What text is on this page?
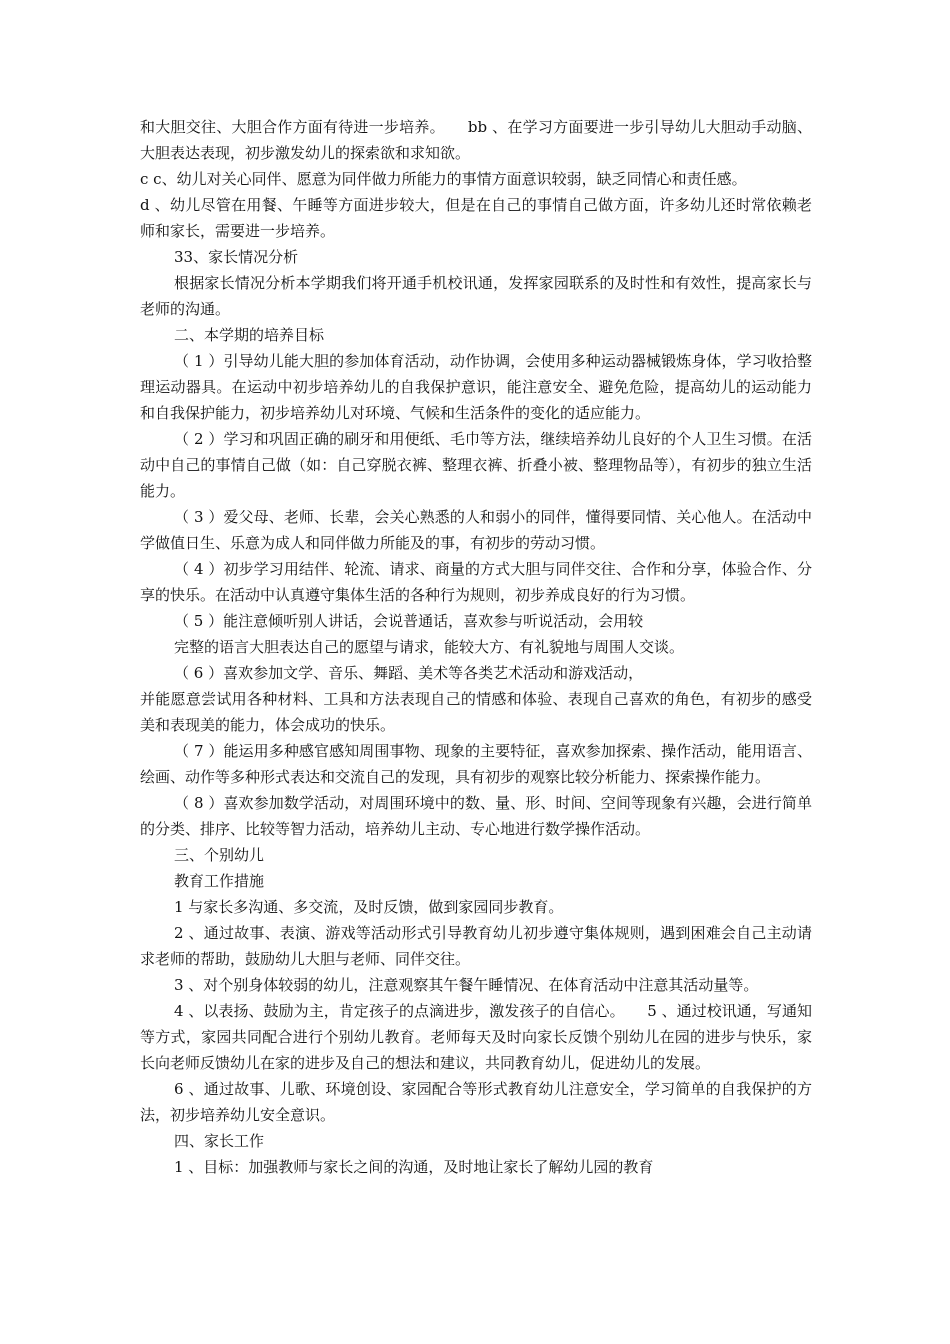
和大胆交往、大胆合作方面有待进一步培养。　　bb 、在学习方面要进一步引导幼儿大胆动手动脑、大胆表达表现，初步激发幼儿的探索欲和求知欲。

c c、幼儿对关心同伴、愿意为同伴做力所能力的事情方面意识较弱，缺乏同情心和责任感。

d 、幼儿尽管在用餐、午睡等方面进步较大，但是在自己的事情自己做方面，许多幼儿还时常依赖老师和家长，需要进一步培养。

33、家长情况分析

根据家长情况分析本学期我们将开通手机校讯通，发挥家园联系的及时性和有效性，提高家长与老师的沟通。

二、本学期的培养目标

（ 1 ）引导幼儿能大胆的参加体育活动，动作协调，会使用多种运动器械锻炼身体，学习收拾整理运动器具。在运动中初步培养幼儿的自我保护意识，能注意安全、避免危险，提高幼儿的运动能力和自我保护能力，初步培养幼儿对环境、气候和生活条件的变化的适应能力。

（ 2 ）学习和巩固正确的刷牙和用便纸、毛巾等方法，继续培养幼儿良好的个人卫生习惯。在活动中自己的事情自己做（如：自己穿脱衣裤、整理衣裤、折叠小被、整理物品等），有初步的独立生活能力。

（ 3 ）爱父母、老师、长辈，会关心熟悉的人和弱小的同伴，懂得要同情、关心他人。在活动中学做值日生、乐意为成人和同伴做力所能及的事，有初步的劳动习惯。

（ 4 ）初步学习用结伴、轮流、请求、商量的方式大胆与同伴交往、合作和分享，体验合作、分享的快乐。在活动中认真遵守集体生活的各种行为规则，初步养成良好的行为习惯。

（ 5 ）能注意倾听别人讲话，会说普通话，喜欢参与听说活动，会用较

完整的语言大胆表达自己的愿望与请求，能较大方、有礼貌地与周围人交谈。

（ 6 ）喜欢参加文学、音乐、舞蹈、美术等各类艺术活动和游戏活动，

并能愿意尝试用各种材料、工具和方法表现自己的情感和体验、表现自己喜欢的角色，有初步的感受美和表现美的能力，体会成功的快乐。

（ 7 ）能运用多种感官感知周围事物、现象的主要特征，喜欢参加探索、操作活动，能用语言、绘画、动作等多种形式表达和交流自己的发现，具有初步的观察比较分析能力、探索操作能力。

（ 8 ）喜欢参加数学活动，对周围环境中的数、量、形、时间、空间等现象有兴趣，会进行简单的分类、排序、比较等智力活动，培养幼儿主动、专心地进行数学操作活动。

三、个别幼儿

教育工作措施

1 与家长多沟通、多交流，及时反馈，做到家园同步教育。

2 、通过故事、表演、游戏等活动形式引导教育幼儿初步遵守集体规则，遇到困难会自己主动请求老师的帮助，鼓励幼儿大胆与老师、同伴交往。

3 、对个别身体较弱的幼儿，注意观察其午餐午睡情况、在体育活动中注意其活动量等。

4 、以表扬、鼓励为主，肯定孩子的点滴进步，激发孩子的自信心。　　5 、通过校讯通，写通知等方式，家园共同配合进行个别幼儿教育。老师每天及时向家长反馈个别幼儿在园的进步与快乐，家长向老师反馈幼儿在家的进步及自己的想法和建议，共同教育幼儿，促进幼儿的发展。

6 、通过故事、儿歌、环境创设、家园配合等形式教育幼儿注意安全，学习简单的自我保护的方法，初步培养幼儿安全意识。

四、家长工作

1 、目标：加强教师与家长之间的沟通，及时地让家长了解幼儿园的教育
